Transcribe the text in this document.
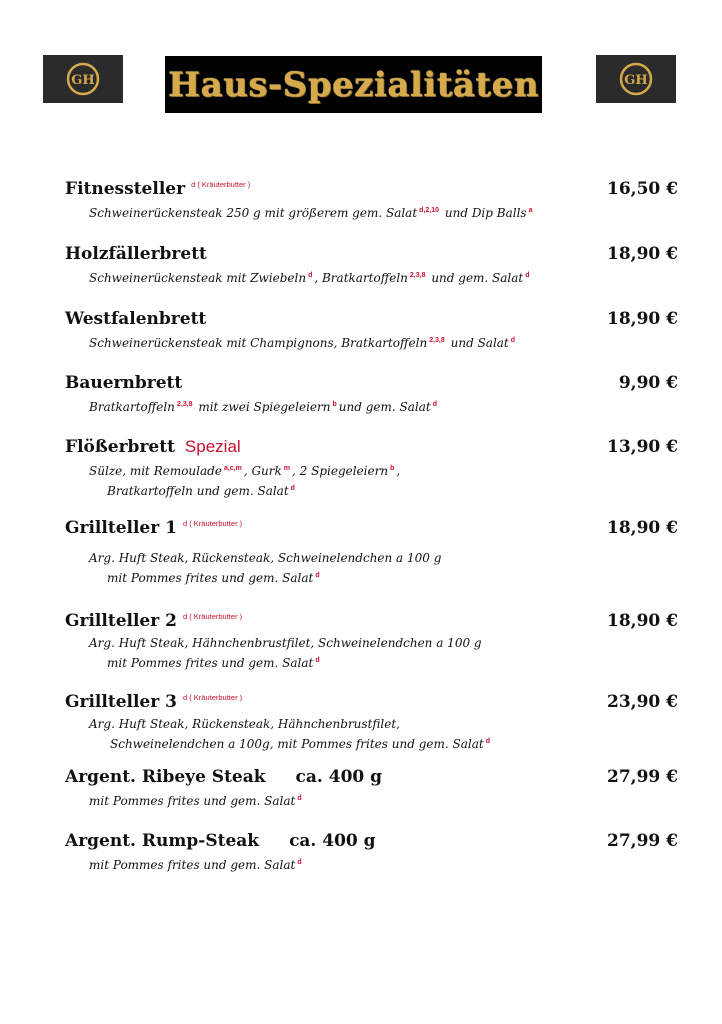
GH Haus-Spezialitäten	GH
Fitnessteller $^{d ( Kräuterbutter )}$	16,50 €
Schweinerückensteak 250 g mit größerem gem. Salat $^{d,2,10}$ und Dip Balls $^a$
Holzfällerbrett	18,90 €
Schweinerückensteak mit Zwiebeln $^d$ , Bratkartoffeln $^{2,3,8}$ und gem. Salat $^d$
Westfalenbrett	18,90 €
Schweinerückensteak mit Champignons, Bratkartoffeln $^{2,3,8}$ und Salat $^d$
Bauernbrett	9,90 €
Bratkartoffeln $^{2,3,8}$ mit zwei Spiegeleiern $^b$ und gem. Salat $^d$
Flößerbrett Spezial	13,90 €
Sülze, mit Remoulade $^{a,c,m}$ , Gurk $^m$ , 2 Spiegeleiern $^b$ ,
Bratkartoffeln und gem. Salat $^d$
Grillteller 1 $^{d ( Kräuterbutter )}$	18,90 €
Arg. Huft Steak, Rückensteak, Schweinelendchen a 100 g
mit Pommes frites und gem. Salat $^d$
Grillteller 2 $^{d ( Kräuterbutter )}$	18,90 €
Arg. Huft Steak, Hähnchenbrustfilet, Schweinelendchen a 100 g
mit Pommes frites und gem. Salat $^d$
Grillteller 3 $^{d ( Kräuterbutter )}$	23,90 €
Arg. Huft Steak, Rückensteak, Hähnchenbrustfilet,
Schweinelendchen a 100g, mit Pommes frites und gem. Salat $^d$
Argent. Ribeye Steak ca. 400 g	27,99 €
mit Pommes frites und gem. Salat $^d$
Argent. Rump-Steak ca. 400 g	27,99 €
mit Pommes frites und gem. Salat $^d$
